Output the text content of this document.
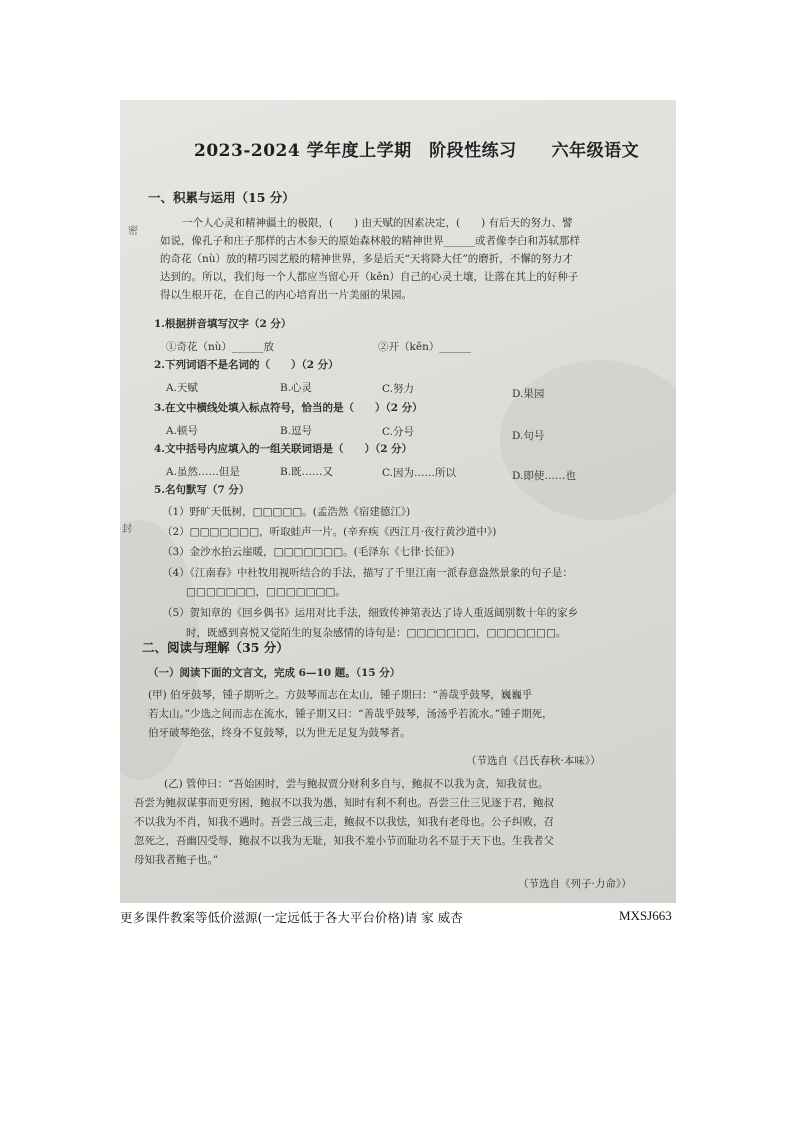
密
封
2023-2024 学年度上学期　阶段性练习　　六年级语文
一、积累与运用（15 分）
一个人心灵和精神疆土的极限，(　　) 由天赋的因素决定，(　　) 有后天的努力、譬
如说，像孔子和庄子那样的古木参天的原始森林般的精神世界______或者像李白和苏轼那样
的奇花（nù）放的精巧园艺般的精神世界，多是后天“天将降大任”的磨折，不懈的努力才
达到的。所以，我们每一个人都应当留心开（kěn）自己的心灵土壤，让落在其上的好种子
得以生根开花，在自己的内心培育出一片美丽的果园。
1.根据拼音填写汉字（2 分）
①奇花（nù）______放	②开（kěn）______
2.下列词语不是名词的（　　）（2 分）
A.天赋	B.心灵	C.努力	D.果园
3.在文中横线处填入标点符号，恰当的是（　　）（2 分）
A.顿号	B.逗号	C.分号	D.句号
4.文中括号内应填入的一组关联词语是（　　）（2 分）
A.虽然……但是	B.既……又	C.因为……所以	D.即使……也
5.名句默写（7 分）
（1）野旷天低树，□□□□□。(孟浩然《宿建德江》)
（2）□□□□□□□，听取蛙声一片。(辛弃疾《西江月·夜行黄沙道中》)
（3）金沙水拍云崖暖，□□□□□□□。(毛泽东《七律·长征》)
（4）《江南春》中杜牧用视听结合的手法，描写了千里江南一派春意盎然景象的句子是：
□□□□□□□，□□□□□□□。
（5）贺知章的《回乡偶书》运用对比手法，细致传神第表达了诗人重返阔别数十年的家乡
时，既感到喜悦又觉陌生的复杂感情的诗句是：□□□□□□□，□□□□□□□。
二、阅读与理解（35 分）
（一）阅读下面的文言文，完成 6—10 题。（15 分）
(甲) 伯牙鼓琴，锺子期听之。方鼓琴而志在太山，锺子期曰：“善哉乎鼓琴，巍巍乎
若太山。”少选之间而志在流水，锺子期又曰：“善哉乎鼓琴，汤汤乎若流水。”锺子期死，
伯牙破琴绝弦，终身不复鼓琴，以为世无足复为鼓琴者。
（节选自《吕氏春秋·本味》）
(乙) 管仲曰：“吾始困时，尝与鲍叔贾分财利多自与，鲍叔不以我为贪，知我贫也。
吾尝为鲍叔谋事而更穷困，鲍叔不以我为愚，知时有利不利也。吾尝三仕三见逐于君，鲍叔
不以我为不肖，知我不遇时。吾尝三战三走，鲍叔不以我怯，知我有老母也。公子纠败，召
忽死之，吾幽囚受辱，鲍叔不以我为无耻，知我不羞小节而耻功名不显于天下也。生我者父
母知我者鲍子也。”
（节选自《列子·力命》）
更多课件教案等低价滋源(一定远低于各大平台价格)请 家 威杏	MXSJ663
